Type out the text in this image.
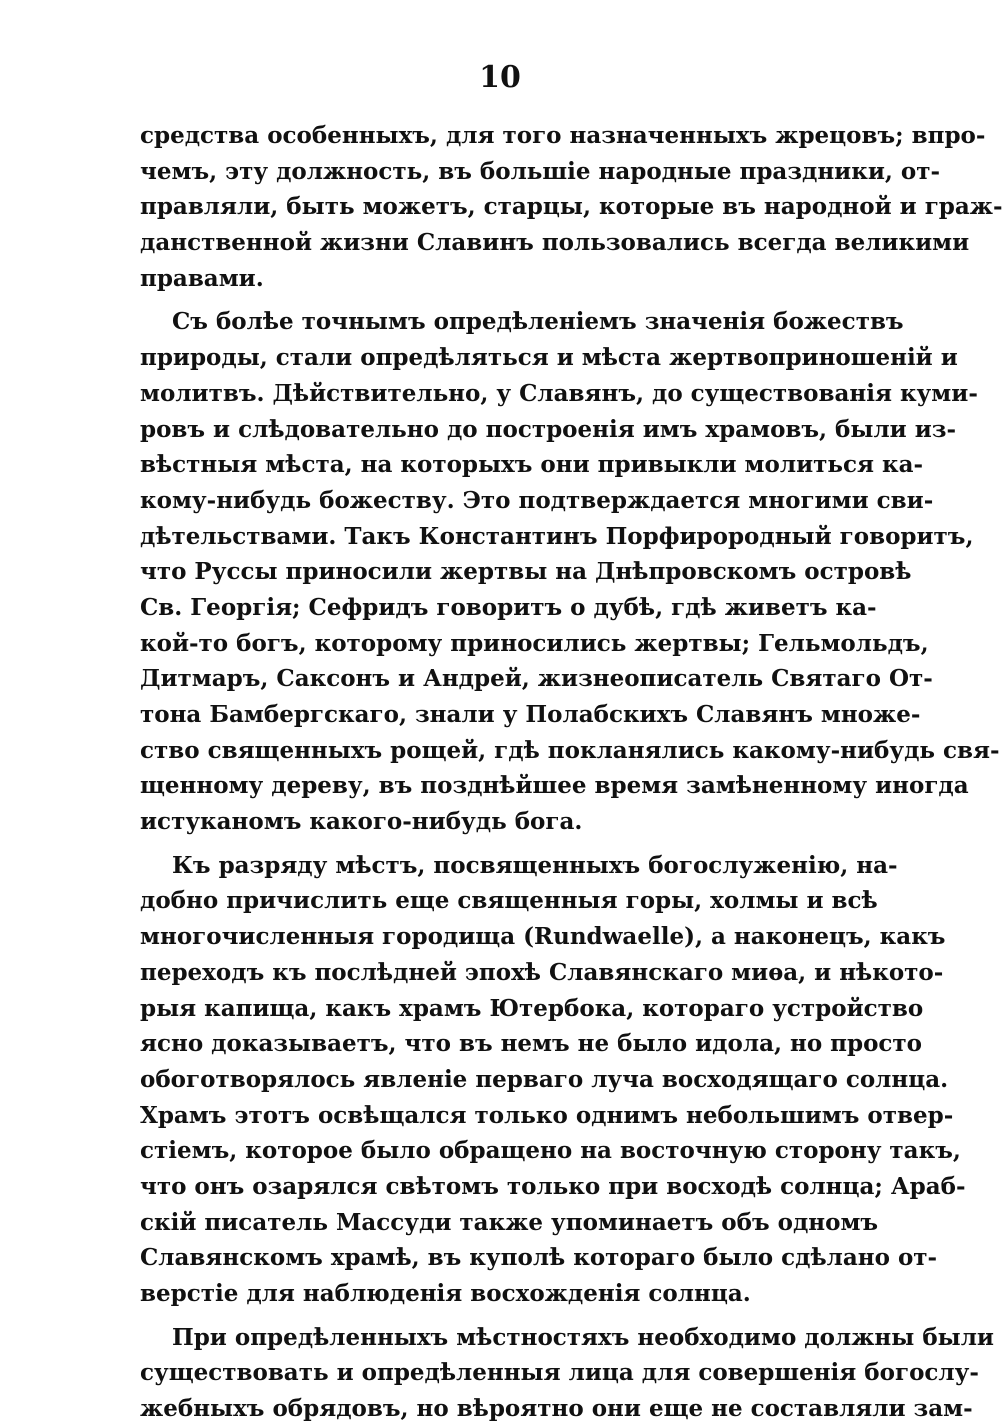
10
средства особенныхъ, для того назначенныхъ жрецовъ; впро-
чемъ, эту должность, въ большiе народные праздники, от-
правляли, быть можетъ, старцы, которые въ народной и граж-
данственной жизни Славинъ пользовались всегда великими
правами.
Съ болѣе точнымъ опредѣленiемъ значенiя божествъ
природы, стали опредѣляться и мѣста жертвоприношенiй и
молитвъ. Дѣйствительно, у Славянъ, до существованiя куми-
ровъ и слѣдовательно до построенiя имъ храмовъ, были из-
вѣстныя мѣста, на которыхъ они привыкли молиться ка-
кому-нибудь божеству. Это подтверждается многими сви-
дѣтельствами. Такъ Константинъ Порфирородный говоритъ,
что Руссы приносили жертвы на Днѣпровскомъ островѣ
Св. Георгiя; Сефридъ говоритъ о дубѣ, гдѣ живетъ ка-
кой-то богъ, которому приносились жертвы; Гельмольдъ,
Дитмаръ, Саксонъ и Андрей, жизнеописатель Святаго От-
тона Бамбергскаго, знали у Полабскихъ Славянъ множе-
ство священныхъ рощей, гдѣ покланялись какому-нибудь свя-
щенному дереву, въ позднѣйшее время замѣненному иногда
истуканомъ какого-нибудь бога.
Къ разряду мѣстъ, посвященныхъ богослуженiю, на-
добно причислить еще священныя горы, холмы и всѣ
многочисленныя городища (Rundwaelle), а наконецъ, какъ
переходъ къ послѣдней эпохѣ Славянскаго миѳа, и нѣкото-
рыя капища, какъ храмъ Ютербока, котораго устройство
ясно доказываетъ, что въ немъ не было идола, но просто
обоготворялось явленiе перваго луча восходящаго солнца.
Храмъ этотъ освѣщался только однимъ небольшимъ отвер-
стiемъ, которое было обращено на восточную сторону такъ,
что онъ озарялся свѣтомъ только при восходѣ солнца; Араб-
скiй писатель Массуди также упоминаетъ объ одномъ
Славянскомъ храмѣ, въ куполѣ котораго было сдѣлано от-
верстiе для наблюденiя восхожденiя солнца.
При опредѣленныхъ мѣстностяхъ необходимо должны были
существовать и опредѣленныя лица для совершенiя богослу-
жебныхъ обрядовъ, но вѣроятно они еще не составляли зам-
